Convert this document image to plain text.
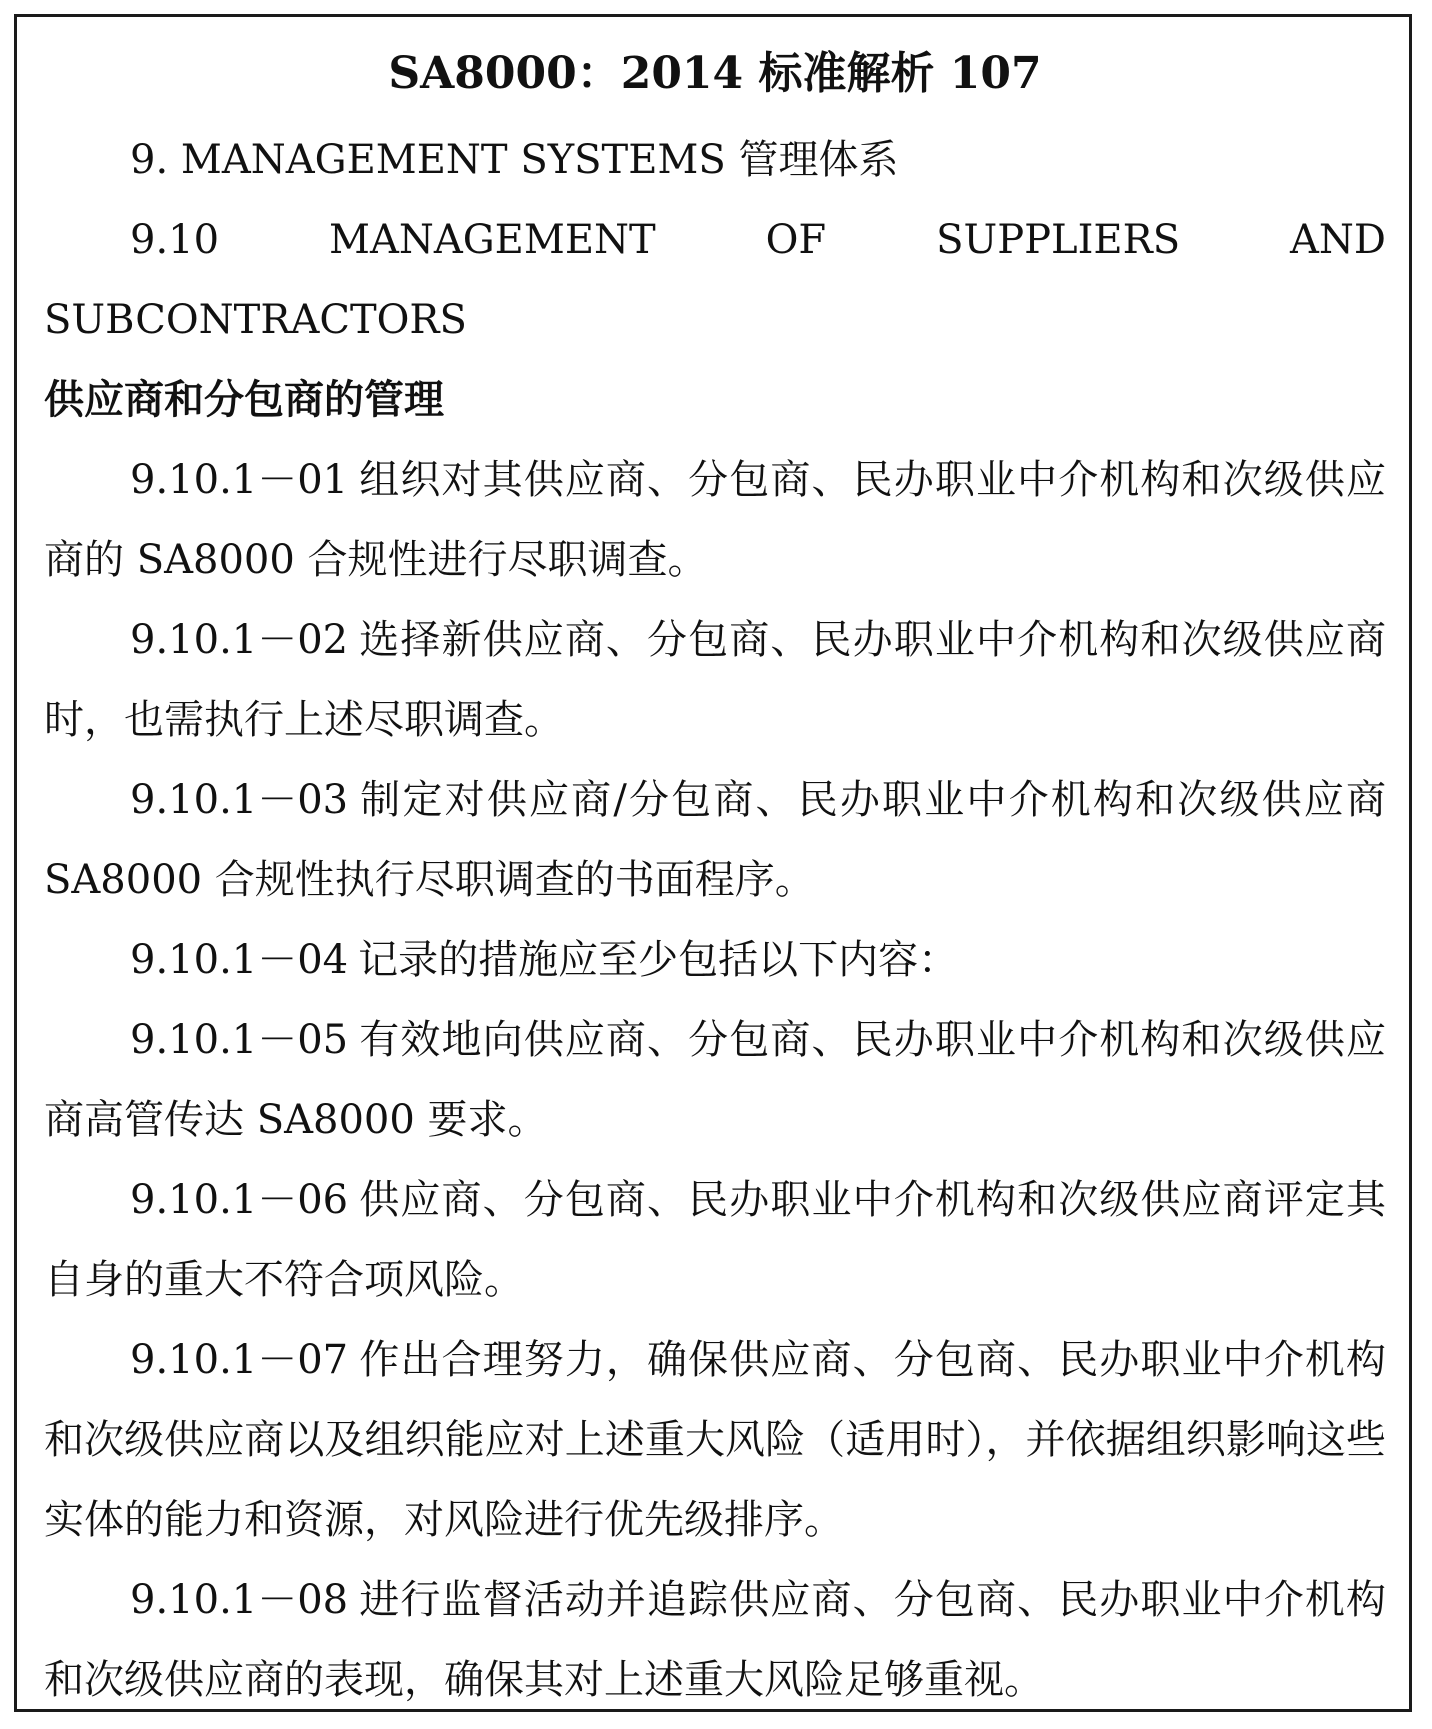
SA8000：2014 标准解析 107
9. MANAGEMENT SYSTEMS 管理体系
9.10	MANAGEMENT OF SUPPLIERS AND SUBCONTRACTORS
供应商和分包商的管理
9.10.1－01 组织对其供应商、分包商、民办职业中介机构和次级供应商的 SA8000 合规性进行尽职调查。
9.10.1－02 选择新供应商、分包商、民办职业中介机构和次级供应商时，也需执行上述尽职调查。
9.10.1－03 制定对供应商/分包商、民办职业中介机构和次级供应商 SA8000 合规性执行尽职调查的书面程序。
9.10.1－04 记录的措施应至少包括以下内容：
9.10.1－05 有效地向供应商、分包商、民办职业中介机构和次级供应商高管传达 SA8000 要求。
9.10.1－06 供应商、分包商、民办职业中介机构和次级供应商评定其自身的重大不符合项风险。
9.10.1－07 作出合理努力，确保供应商、分包商、民办职业中介机构和次级供应商以及组织能应对上述重大风险（适用时），并依据组织影响这些实体的能力和资源，对风险进行优先级排序。
9.10.1－08 进行监督活动并追踪供应商、分包商、民办职业中介机构和次级供应商的表现，确保其对上述重大风险足够重视。
